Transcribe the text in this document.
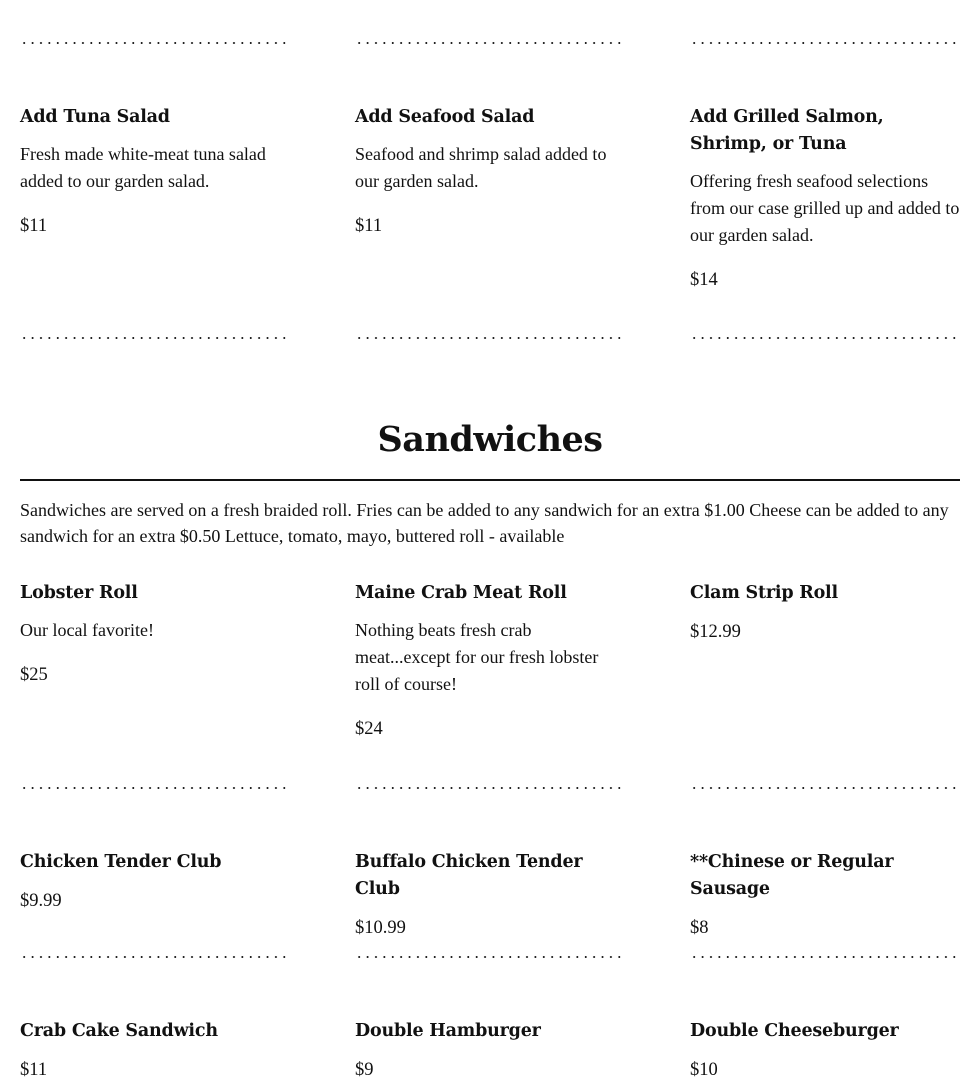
Add Tuna Salad

Fresh made white-meat tuna salad added to our garden salad.

$11

Add Seafood Salad

Seafood and shrimp salad added to our garden salad.

$11

Add Grilled Salmon, Shrimp, or Tuna

Offering fresh seafood selections from our case grilled up and added to our garden salad.

$14

Sandwiches

Sandwiches are served on a fresh braided roll. Fries can be added to any sandwich for an extra $1.00 Cheese can be added to any sandwich for an extra $0.50 Lettuce, tomato, mayo, buttered roll - available

Lobster Roll

Our local favorite!

$25

Maine Crab Meat Roll

Nothing beats fresh crab meat...except for our fresh lobster roll of course!

$24

Clam Strip Roll

$12.99

Chicken Tender Club

$9.99

Buffalo Chicken Tender Club

$10.99

**Chinese or Regular Sausage

$8

Crab Cake Sandwich

$11

Double Hamburger

$9

Double Cheeseburger

$10
